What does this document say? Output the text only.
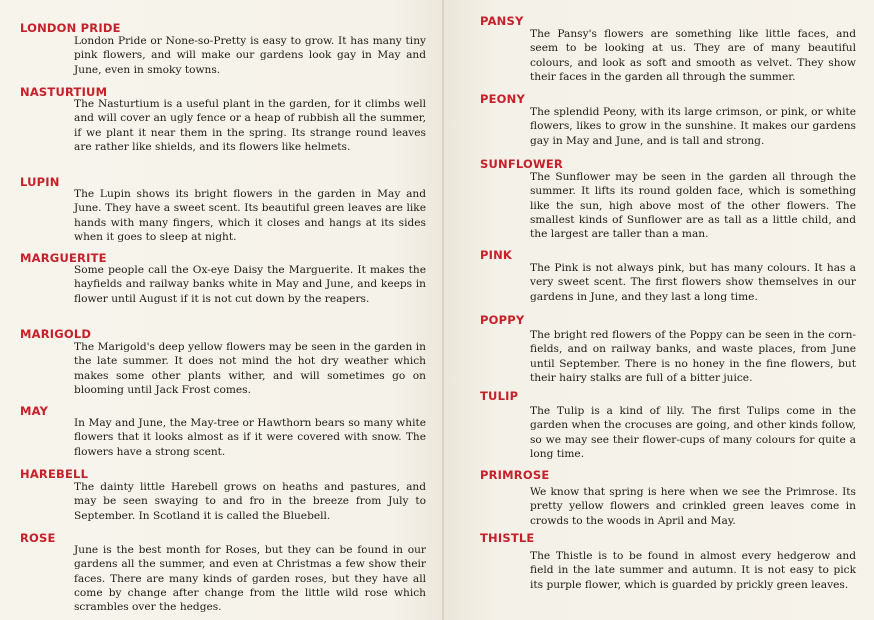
LONDON PRIDE
London Pride or None-so-Pretty is easy to grow. It has many tiny pink flowers, and will make our gardens look gay in May and June, even in smoky towns.
NASTURTIUM
The Nasturtium is a useful plant in the garden, for it climbs well and will cover an ugly fence or a heap of rubbish all the summer, if we plant it near them in the spring. Its strange round leaves are rather like shields, and its flowers like helmets.
LUPIN
The Lupin shows its bright flowers in the garden in May and June. They have a sweet scent. Its beautiful green leaves are like hands with many fingers, which it closes and hangs at its sides when it goes to sleep at night.
MARGUERITE
Some people call the Ox-eye Daisy the Marguerite. It makes the hayfields and railway banks white in May and June, and keeps in flower until August if it is not cut down by the reapers.
MARIGOLD
The Marigold's deep yellow flowers may be seen in the garden in the late summer. It does not mind the hot dry weather which makes some other plants wither, and will sometimes go on blooming until Jack Frost comes.
MAY
In May and June, the May-tree or Hawthorn bears so many white flowers that it looks almost as if it were covered with snow. The flowers have a strong scent.
HAREBELL
The dainty little Harebell grows on heaths and pastures, and may be seen swaying to and fro in the breeze from July to September. In Scotland it is called the Bluebell.
ROSE
June is the best month for Roses, but they can be found in our gardens all the summer, and even at Christmas a few show their faces. There are many kinds of garden roses, but they have all come by change after change from the little wild rose which scrambles over the hedges.
PANSY
The Pansy's flowers are something like little faces, and seem to be looking at us. They are of many beautiful colours, and look as soft and smooth as velvet. They show their faces in the garden all through the summer.
PEONY
The splendid Peony, with its large crimson, or pink, or white flowers, likes to grow in the sunshine. It makes our gardens gay in May and June, and is tall and strong.
SUNFLOWER
The Sunflower may be seen in the garden all through the summer. It lifts its round golden face, which is something like the sun, high above most of the other flowers. The smallest kinds of Sunflower are as tall as a little child, and the largest are taller than a man.
PINK
The Pink is not always pink, but has many colours. It has a very sweet scent. The first flowers show themselves in our gardens in June, and they last a long time.
POPPY
The bright red flowers of the Poppy can be seen in the corn-fields, and on railway banks, and waste places, from June until September. There is no honey in the fine flowers, but their hairy stalks are full of a bitter juice.
TULIP
The Tulip is a kind of lily. The first Tulips come in the garden when the crocuses are going, and other kinds follow, so we may see their flower-cups of many colours for quite a long time.
PRIMROSE
We know that spring is here when we see the Primrose. Its pretty yellow flowers and crinkled green leaves come in crowds to the woods in April and May.
THISTLE
The Thistle is to be found in almost every hedgerow and field in the late summer and autumn. It is not easy to pick its purple flower, which is guarded by prickly green leaves.
